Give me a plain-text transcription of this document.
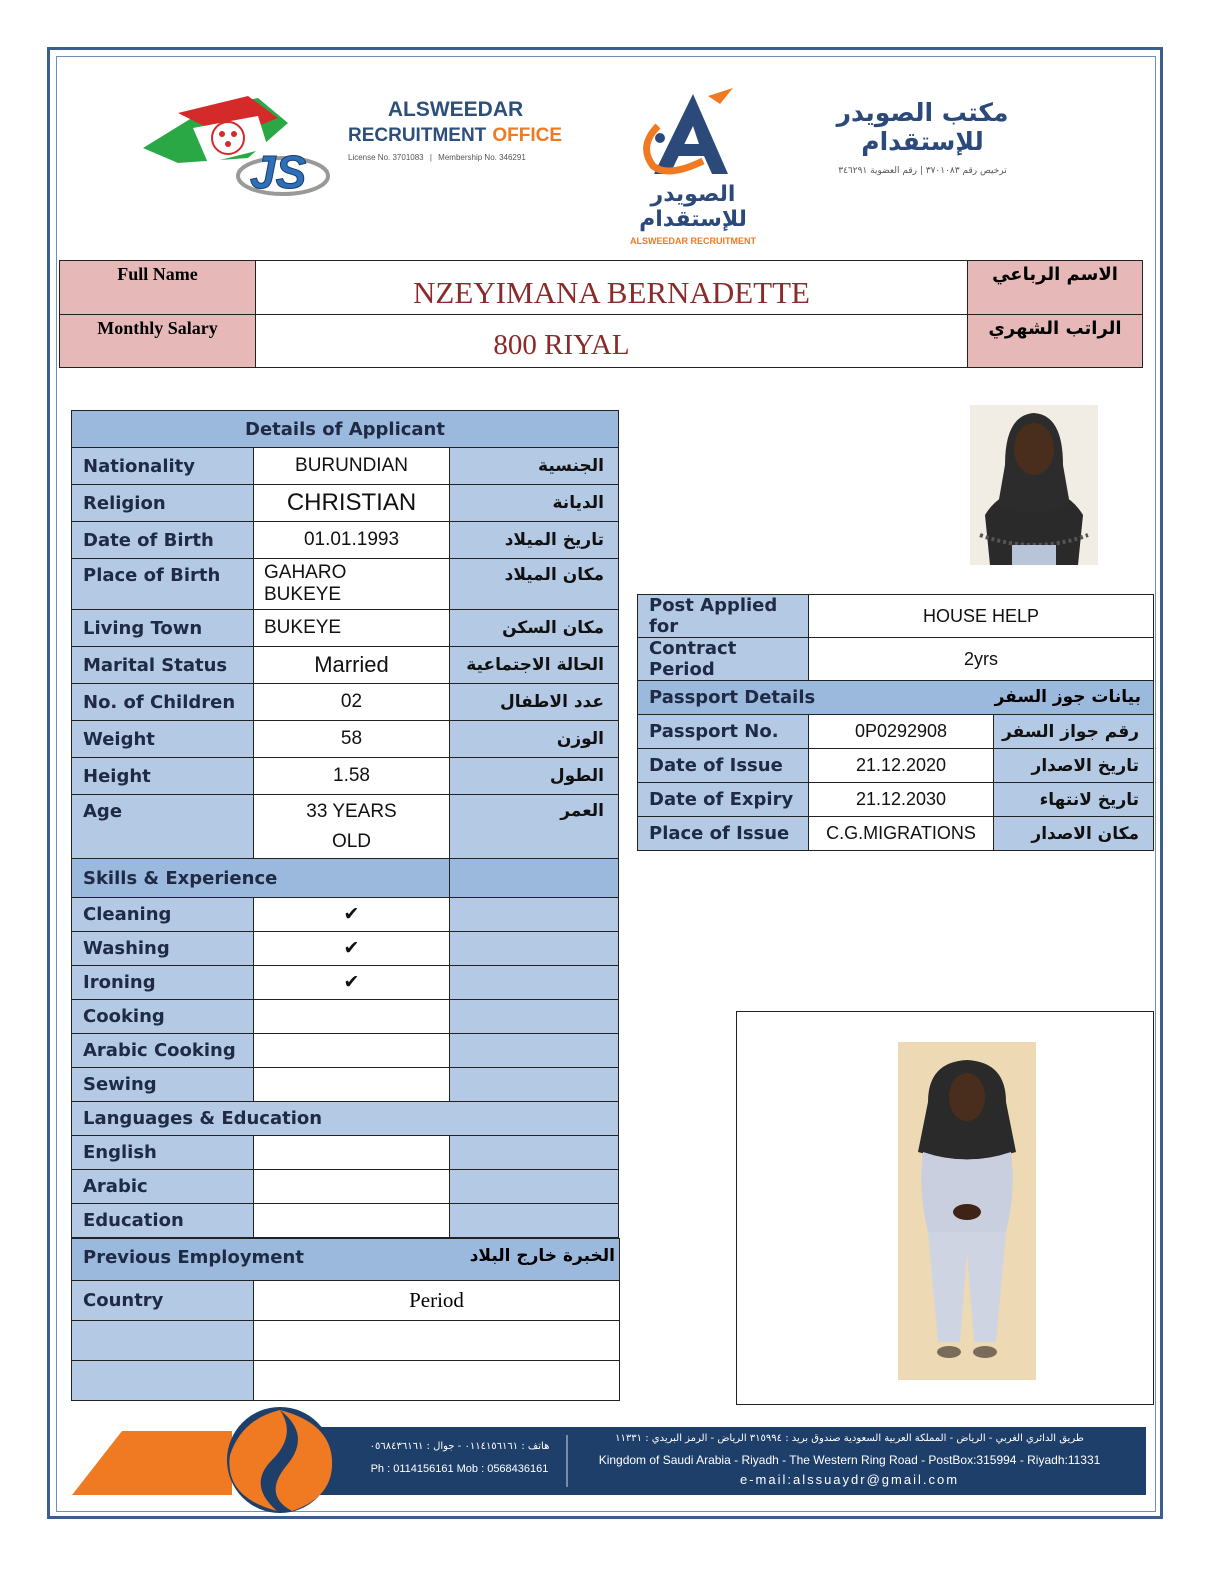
JS
ALSWEEDAR
RECRUITMENT OFFICE
License No. 3701083 | Membership No. 346291
الصويدر للإستقدام
ALSWEEDAR RECRUITMENT
مكتب الصويدر للإستقدام
ترخيص رقم ٣٧٠١٠٨٣ | رقم العضوية ٣٤٦٢٩١
Full Name	NZEYIMANA BERNADETTE	الاسم الرباعي
Monthly Salary	800 RIYAL	الراتب الشهري
Details of Applicant		
Nationality	BURUNDIAN	الجنسية
Religion	CHRISTIAN	الديانة
Date of Birth	01.01.1993	تاريخ الميلاد
Place of Birth	GAHARO BUKEYE	مكان الميلاد
Living Town	BUKEYE	مكان السكن
Marital Status	Married	الحالة الاجتماعية
No. of Children	02	عدد الاطفال
Weight	58	الوزن
Height	1.58	الطول
Age	33 YEARS OLD	العمر
Skills & Experience		
Cleaning	✔	
Washing	✔	
Ironing	✔	
Cooking		
Arabic Cooking		
Sewing		
Languages & Education		
English		
Arabic		
Education		
Previous Employment الخبرة خارج البلاد	

Country	Period

Post Applied for	HOUSE HELP	
Contract Period	2yrs	

Passport Details بيانات جوز السفر		

Passport No.	0P0292908	رقم جواز السفر
Date of Issue	21.12.2020	تاريخ الاصدار
Date of Expiry	21.12.2030	تاريخ لانتهاء
Place of Issue	C.G.MIGRATIONS	مكان الاصدار
هاتف : ٠١١٤١٥٦١٦١ - جوال : ٠٥٦٨٤٣٦١٦١
Ph : 0114156161 Mob : 0568436161
طريق الدائري الغربي - الرياض - المملكة العربية السعودية صندوق بريد : ٣١٥٩٩٤ الرياض - الرمز البريدي : ١١٣٣١
Kingdom of Saudi Arabia - Riyadh - The Western Ring Road - PostBox:315994 - Riyadh:11331
e-mail:alssuaydr@gmail.com
